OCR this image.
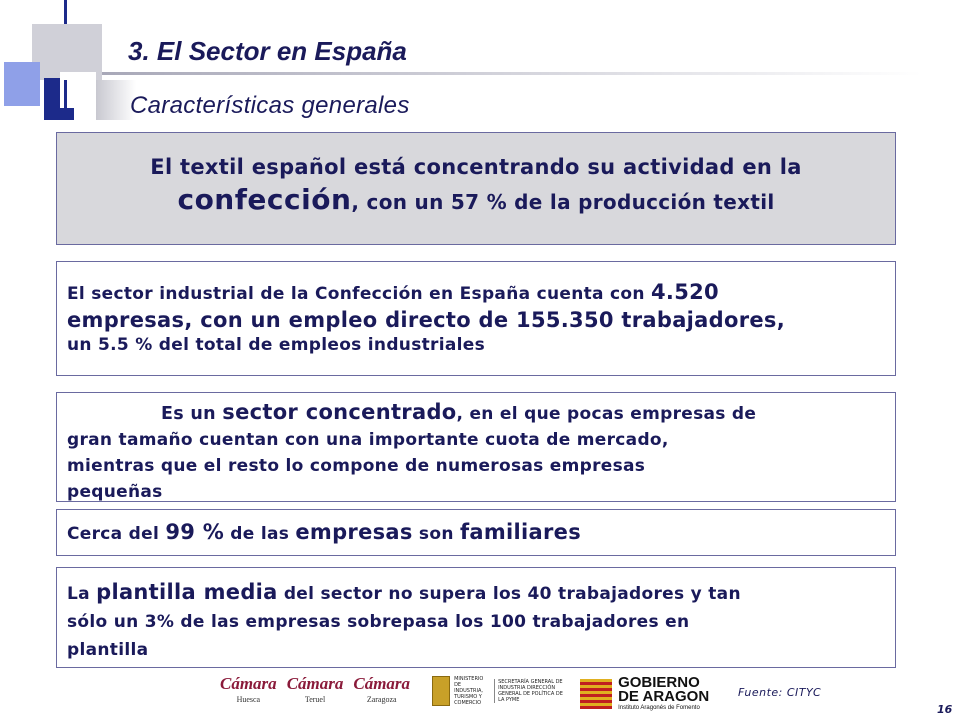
3. El Sector en España
Características generales
El textil español está concentrando su actividad en la
confección, con un 57 % de la producción textil
El sector industrial de la Confección en España cuenta con 4.520
empresas, con un empleo directo de 155.350 trabajadores,
un 5.5 % del total de empleos industriales

Es un sector concentrado, en el que pocas empresas de

gran tamaño cuentan con una importante cuota de mercado,

mientras que el resto lo compone de numerosas empresas

pequeñas

Cerca del 99 % de las empresas son familiares

La plantilla media del sector no supera los 40 trabajadores y tan

sólo un 3% de las empresas sobrepasa los 100 trabajadores en

plantilla

Cámara
Huesca
Cámara
Teruel
Cámara
Zaragoza
MINISTERIO DE INDUSTRIA, TURISMO Y COMERCIO
SECRETARÍA GENERAL DE INDUSTRIA DIRECCIÓN GENERAL DE POLÍTICA DE LA PYME
GOBIERNO
DE ARAGON
Instituto Aragonés de Fomento
Fuente: CITYC
16
